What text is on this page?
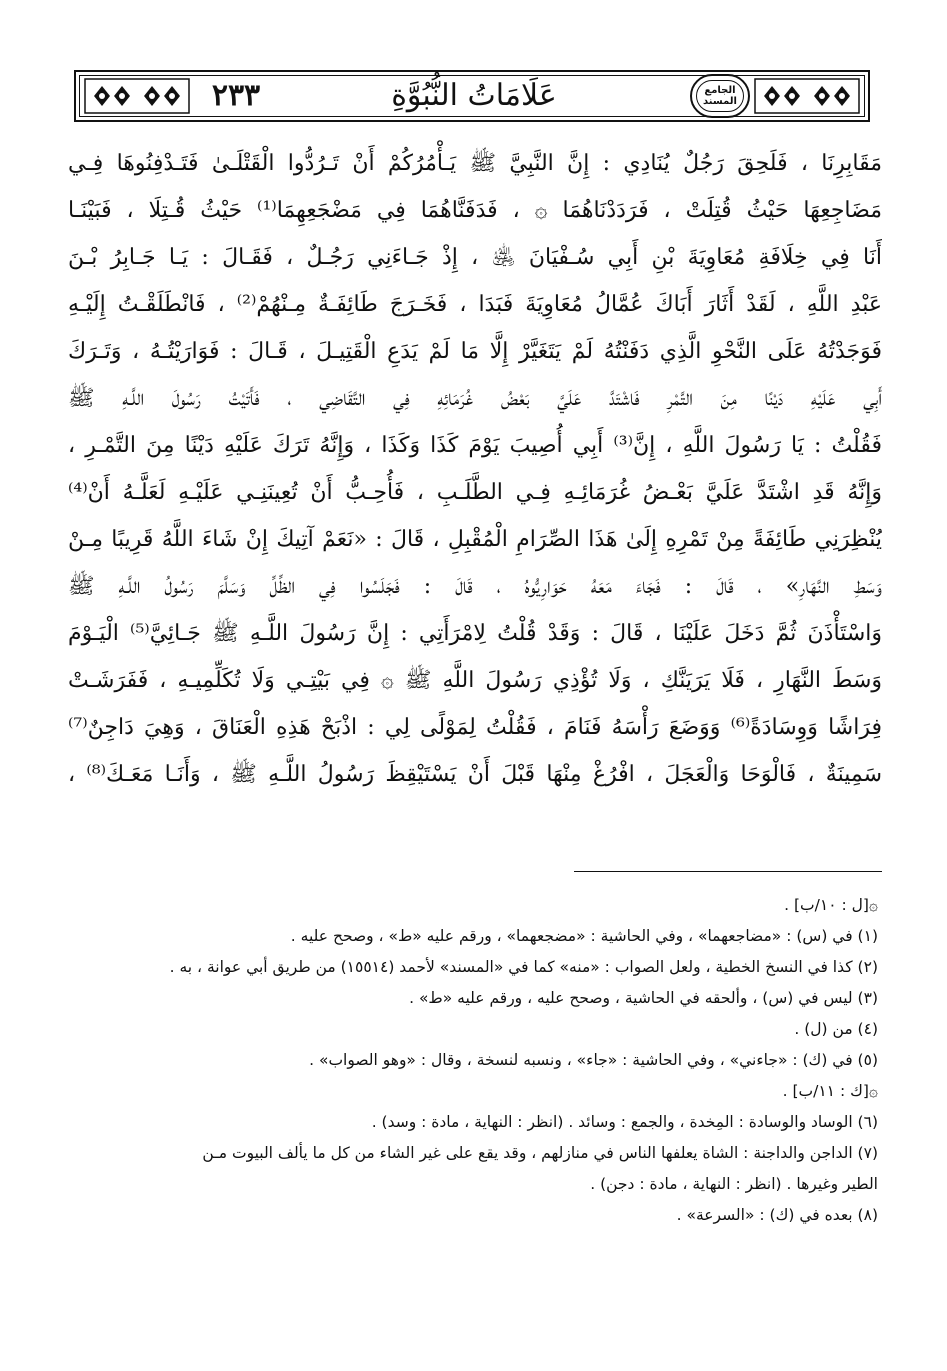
٢٣٣	عَلَامَاتُ النُّبُوَّةِ	الجامع المسند
مَقَابِرِنَا ، فَلَحِقَ رَجُلٌ يُنَادِي : إِنَّ النَّبِيَّ ﷺ يَـأْمُرُكُمْ أَنْ تَـرُدُّوا الْقَتْلَـىٰ فَتَـدْفِنُوهَا فِـي
مَضَاجِعِهَا حَيْثُ قُتِلَتْ ، فَرَدَدْنَاهُمَا ۞ ، فَدَفَنَّاهُمَا فِي مَضْجَعِهِمَا⁽¹⁾ حَيْثُ قُـتِلَا ، فَبَيْنَـا
أَنَا فِي خِلَافَةِ مُعَاوِيَةَ بْنِ أَبِي سُـفْيَانَ ﵁ ، إِذْ جَـاءَنِي رَجُـلٌ ، فَقَـالَ : يَـا جَـابِرُ بْـنَ
عَبْدِ اللَّهِ ، لَقَدْ أَثَارَ أَبَاكَ عُمَّالُ مُعَاوِيَةَ فَبَدَا ، فَخَـرَجَ طَائِفَـةٌ مِـنْهُمْ⁽²⁾ ، فَانْطَلَقْـتُ إِلَيْـهِ
فَوَجَدْتُهُ عَلَى النَّحْوِ الَّذِي دَفَنْتُهُ لَمْ يَتَغَيَّرْ إِلَّا مَا لَمْ يَدَعِ الْقَتِيـلَ ، قَـالَ : فَوَارَيْتُـهُ ، وَتَـرَكَ
أَبِي عَلَيْهِ دَيْنًا مِنَ التَّمْرِ فَاشْتَدَّ عَلَيَّ بَعْضُ غُرَمَائِهِ فِي التَّقَاضِي ، فَأَتَيْتُ رَسُولَ اللَّـهِ ﷺ
فَقُلْتُ : يَا رَسُولَ اللَّهِ ، إِنَّ⁽³⁾ أَبِي أُصِيبَ يَوْمَ كَذَا وَكَذَا ، وَإِنَّهُ تَرَكَ عَلَيْهِ دَيْنًا مِنَ التَّمْـرِ ،
وَإِنَّهُ قَدِ اشْتَدَّ عَلَيَّ بَعْـضُ غُرَمَائِـهِ فِـي الطَّلَـبِ ، فَأُحِـبُّ أَنْ تُعِينَنِـي عَلَيْـهِ لَعَلَّـهُ أَنْ⁽⁴⁾
يُنْظِرَنِي طَائِفَةً مِنْ تَمْرِهِ إِلَىٰ هَذَا الصِّرَامِ الْمُقْبِلِ ، قَالَ : «نَعَمْ آتِيكَ إِنْ شَاءَ اللَّهُ قَرِيبًا مِـنْ
وَسَطِ النَّهَارِ» ، قَالَ : فَجَاءَ مَعَهُ حَوَارِيُّوهُ ، قَالَ : فَجَلَسُوا فِي الظِّلِّ وَسَلَّمَ رَسُولُ اللَّـهِ ﷺ
وَاسْتَأْذَنَ ثُمَّ دَخَلَ عَلَيْنَا ، قَالَ : وَقَدْ قُلْتُ لِامْرَأَتِي : إِنَّ رَسُولَ اللَّـهِ ﷺ جَـائِيَّ⁽⁵⁾ الْيَـوْمَ
وَسَطَ النَّهَارِ ، فَلَا يَرَيَنَّكِ ، وَلَا تُؤْذِي رَسُولَ اللَّهِ ﷺ ۞ فِي بَيْتِـي وَلَا تُكَلِّمِيـهِ ، فَفَرَشَـتْ
فِرَاشًا وَوِسَادَةً⁽⁶⁾ وَوَضَعَ رَأْسَهُ فَنَامَ ، فَقُلْتُ لِمَوْلًى لِي : اذْبَحْ هَذِهِ الْعَنَاقَ ، وَهِيَ دَاجِنٌ⁽⁷⁾
سَمِينَةٌ ، فَالْوَحَا وَالْعَجَلَ ، افْرُغْ مِنْهَا قَبْلَ أَنْ يَسْتَيْقِظَ رَسُولُ اللَّـهِ ﷺ ، وَأَنَـا مَعَـكَ⁽⁸⁾ ،
۞[ل : ١٠/ب] .
(١) في (س) : «مضاجعهما» ، وفي الحاشية : «مضجعهما» ، ورقم عليه «ط» ، وصحح عليه .
(٢) كذا في النسخ الخطية ، ولعل الصواب : «منه» كما في «المسند» لأحمد (١٥٥١٤) من طريق أبي عوانة ، به .
(٣) ليس في (س) ، وألحقه في الحاشية ، وصحح عليه ، ورقم عليه «ط» .
(٤) من (ل) .
(٥) في (ك) : «جاءني» ، وفي الحاشية : «جاء» ، ونسبه لنسخة ، وقال : «وهو الصواب» .
۞[ك : ١١/ب] .
(٦) الوساد والوسادة : المِخدة ، والجمع : وسائد . (انظر : النهاية ، مادة : وسد) .
(٧) الداجن والداجنة : الشاة يعلفها الناس في منازلهم ، وقد يقع على غير الشاء من كل ما يألف البيوت مـن
الطير وغيرها . (انظر : النهاية ، مادة : دجن) .
(٨) بعده في (ك) : «السرعة» .
